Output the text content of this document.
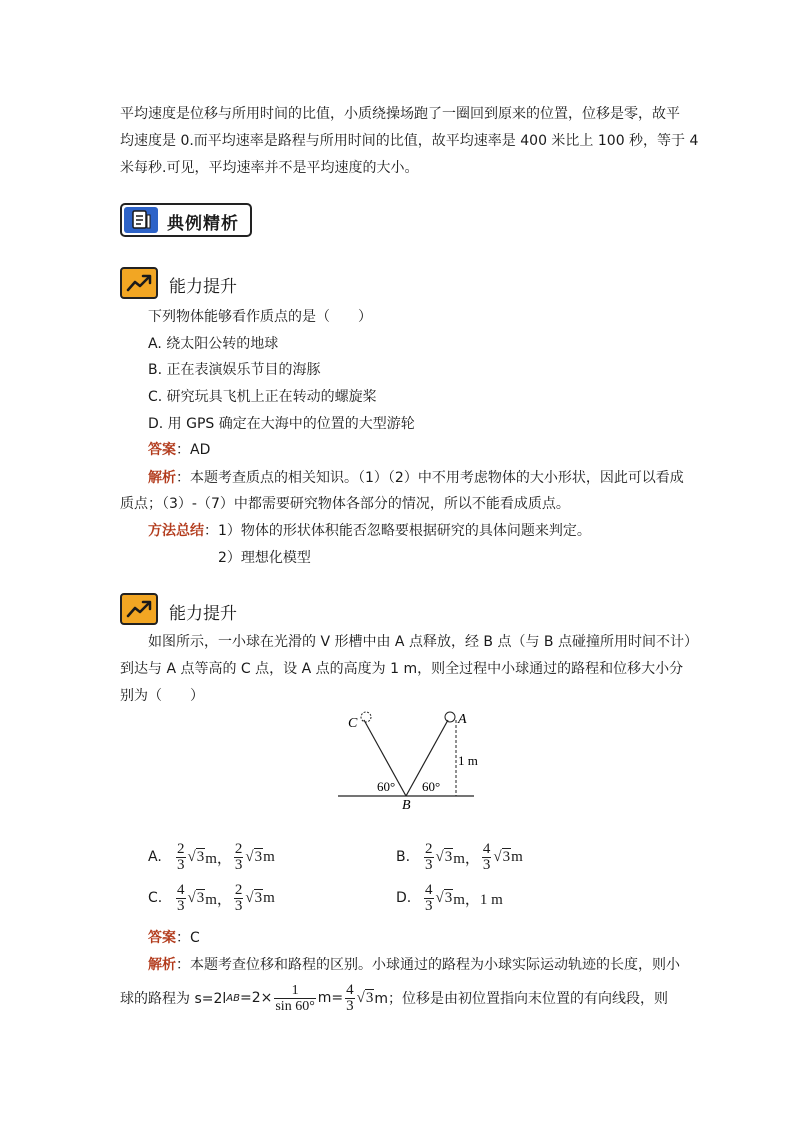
平均速度是位移与所用时间的比值，小质绕操场跑了一圈回到原来的位置，位移是零，故平
均速度是 0.而平均速率是路程与所用时间的比值，故平均速率是 400 米比上 100 秒，等于 4
米每秒.可见，平均速率并不是平均速度的大小。
典例精析
能力提升
下列物体能够看作质点的是（　　）
A. 绕太阳公转的地球
B. 正在表演娱乐节目的海豚
C. 研究玩具飞机上正在转动的螺旋桨
D. 用 GPS 确定在大海中的位置的大型游轮
答案：AD
解析：本题考查质点的相关知识。（1）（2）中不用考虑物体的大小形状，因此可以看成
质点；（3）-（7）中都需要研究物体各部分的情况，所以不能看成质点。
方法总结：1）物体的形状体积能否忽略要根据研究的具体问题来判定。
2）理想化模型
能力提升
如图所示，一小球在光滑的 V 形槽中由 A 点释放，经 B 点（与 B 点碰撞所用时间不计）
到达与 A 点等高的 C 点，设 A 点的高度为 1 m，则全过程中小球通过的路程和位移大小分
别为（　　）
C	A
1 m
60° 60°
B
A. $\frac{2}{3} √3$ m， $\frac{2}{3} √3$ m	B. $\frac{2}{3} √3$ m， $\frac{4}{3} √3$ m
C. $\frac{4}{3} √3$ m， $\frac{2}{3} √3$ m	D. $\frac{4}{3} √3$ m，1 m
答案：C
解析：本题考查位移和路程的区别。小球通过的路程为小球实际运动轨迹的长度，则小
球的路程为 s=2l AB $=2\times \frac{1}{\sin 60^\circ} m= \frac{4}{3} √3$ m；位移是由初位置指向末位置的有向线段，则
